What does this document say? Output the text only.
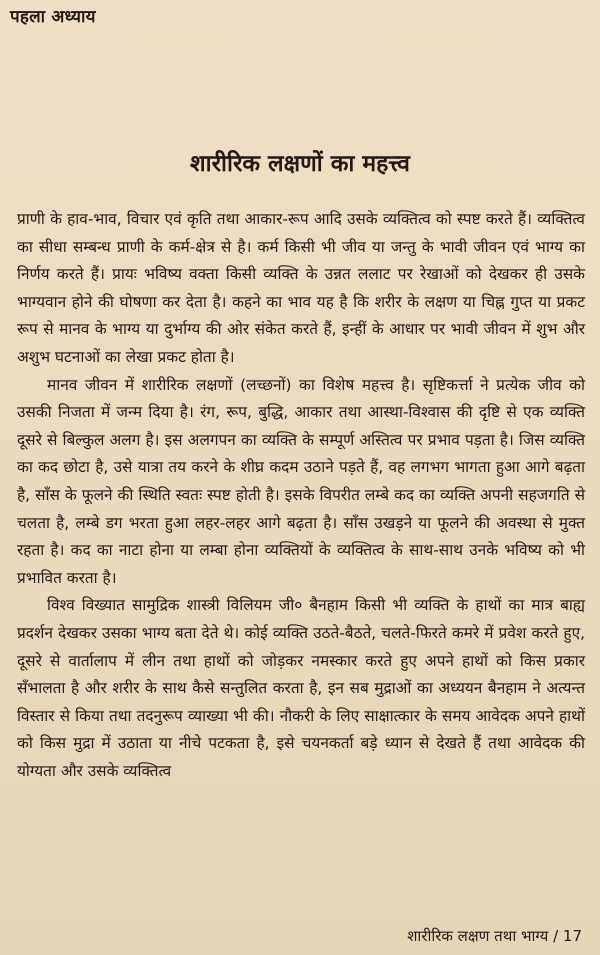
पहला अध्याय
शारीरिक लक्षणों का महत्त्व

प्राणी के हाव-भाव, विचार एवं कृति तथा आकार-रूप आदि उसके व्यक्तित्व को स्पष्ट करते हैं। व्यक्तित्व का सीधा सम्बन्ध प्राणी के कर्म-क्षेत्र से है। कर्म किसी भी जीव या जन्तु के भावी जीवन एवं भाग्य का निर्णय करते हैं। प्रायः भविष्य वक्ता किसी व्यक्ति के उन्नत ललाट पर रेखाओं को देखकर ही उसके भाग्यवान होने की घोषणा कर देता है। कहने का भाव यह है कि शरीर के लक्षण या चिह्न गुप्त या प्रकट रूप से मानव के भाग्य या दुर्भाग्य की ओर संकेत करते हैं, इन्हीं के आधार पर भावी जीवन में शुभ और अशुभ घटनाओं का लेखा प्रकट होता है।

मानव जीवन में शारीरिक लक्षणों (लच्छनों) का विशेष महत्त्व है। सृष्टिकर्त्ता ने प्रत्येक जीव को उसकी निजता में जन्म दिया है। रंग, रूप, बुद्धि, आकार तथा आस्था-विश्वास की दृष्टि से एक व्यक्ति दूसरे से बिल्कुल अलग है। इस अलगपन का व्यक्ति के सम्पूर्ण अस्तित्व पर प्रभाव पड़ता है। जिस व्यक्ति का कद छोटा है, उसे यात्रा तय करने के शीघ्र कदम उठाने पड़ते हैं, वह लगभग भागता हुआ आगे बढ़ता है, साँस के फूलने की स्थिति स्वतः स्पष्ट होती है। इसके विपरीत लम्बे कद का व्यक्ति अपनी सहजगति से चलता है, लम्बे डग भरता हुआ लहर-लहर आगे बढ़ता है। साँस उखड़ने या फूलने की अवस्था से मुक्त रहता है। कद का नाटा होना या लम्बा होना व्यक्तियों के व्यक्तित्व के साथ-साथ उनके भविष्य को भी प्रभावित करता है।

विश्व विख्यात सामुद्रिक शास्त्री विलियम जी० बैनहाम किसी भी व्यक्ति के हाथों का मात्र बाह्य प्रदर्शन देखकर उसका भाग्य बता देते थे। कोई व्यक्ति उठते-बैठते, चलते-फिरते कमरे में प्रवेश करते हुए, दूसरे से वार्तालाप में लीन तथा हाथों को जोड़कर नमस्कार करते हुए अपने हाथों को किस प्रकार सँभालता है और शरीर के साथ कैसे सन्तुलित करता है, इन सब मुद्राओं का अध्ययन बैनहाम ने अत्यन्त विस्तार से किया तथा तदनुरूप व्याख्या भी की। नौकरी के लिए साक्षात्कार के समय आवेदक अपने हाथों को किस मुद्रा में उठाता या नीचे पटकता है, इसे चयनकर्ता बड़े ध्यान से देखते हैं तथा आवेदक की योग्यता और उसके व्यक्तित्व

शारीरिक लक्षण तथा भाग्य / 17
